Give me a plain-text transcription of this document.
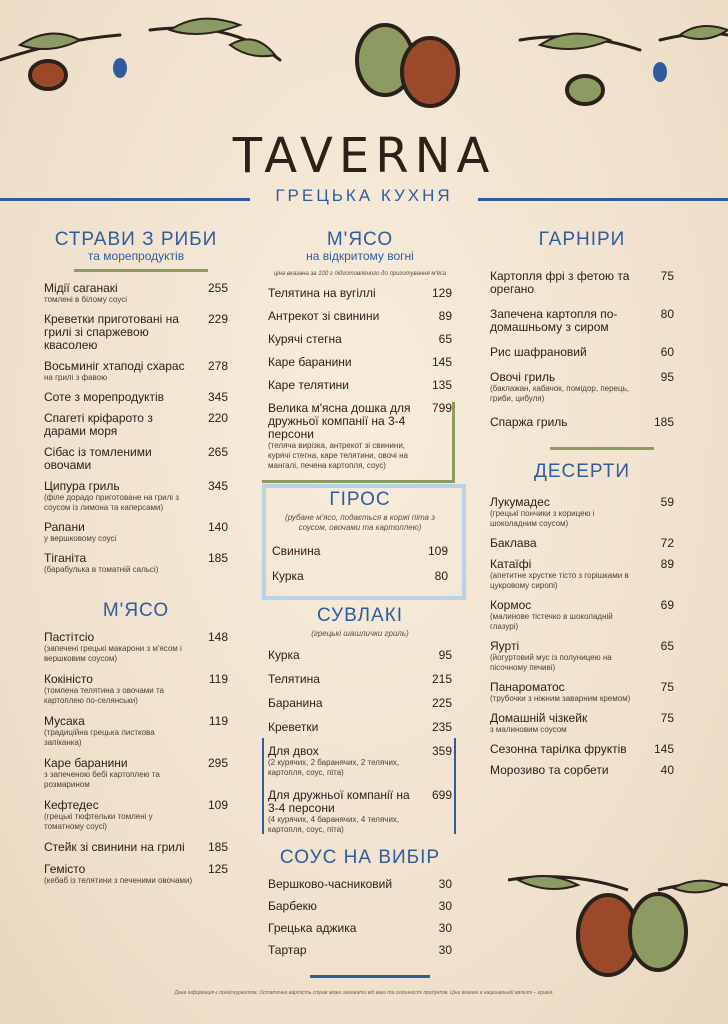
TAVERNA
ГРЕЦЬКА КУХНЯ
СТРАВИ З РИБИ
та морепродуктів
Мідії саганакі
томлені в білому соусі
255
Креветки приготовані на грилі зі спаржевою квасолею
229
Восьминіг хтаподі схарас
на грилі з фавою
278
Соте з морепродуктів	345
Спагеті кріфарото з дарами моря
220
Сібас із томленими овочами
265
Ципура гриль
(філе дорадо приготоване на грилі з соусом із лимона та каперсами)
345
Рапани
у вершковому соусі
140
Тіганіта
(барабулька в томатній сальсі)
185
М'ЯСО
Пастітсіо
(запечені грецькі макарони з м'ясом і вершковим соусом)
148
Кокіністо
(томлена телятина з овочами та картоплею по-селянськи)
119
Мусака
(традиційна грецька листкова запіканка)
119
Каре баранини
з запеченою бебі картоплею та розмарином
295
Кефтедес
(грецькі тюфтельки томлені у томатному соусі)
109
Стейк зі свинини на грилі	185
Гемісто
(кебаб із телятини з печеними овочами)
125
М'ЯСО
на відкритому вогні
ціна вказана за 100 г підготовленого до приготування м'яса
Телятина на вугіллі	129
Антрекот зі свинини	89
Курячі стегна	65
Каре баранини	145
Каре телятини	135
Велика м'ясна дошка для дружньої компанії на 3-4 персони
(теляча вирізка, антрекот зі свинини, курячі стегна, каре телятини, овочі на мангалі, печена картопля, соус)
799
ГІРОС
(рубане м'ясо, подається в коржі піта з соусом, овочами та картоплею)
Свинина	109
Курка	80
СУВЛАКІ
(грецькі шашлички гриль)
Курка	95
Телятина	215
Баранина	225
Креветки	235
Для двох
(2 курячих, 2 баранячих, 2 телячих, картопля, соус, піта)
359
Для дружньої компанії на 3-4 персони
(4 курячих, 4 баранячих, 4 телячих, картопля, соус, піта)
699
СОУС НА ВИБІР
Вершково-часниковий	30
Барбекю	30
Грецька аджика	30
Тартар	30
ГАРНІРИ
Картопля фрі з фетою та орегано
75
Запечена картопля по-домашньому з сиром
80
Рис шафрановий	60
Овочі гриль
(баклажан, кабачок, помідор, перець, гриби, цибуля)
95
Спаржа гриль	185
ДЕСЕРТИ
Лукумадес
(грецькі пончики з корицею і шоколадним соусом)
59
Баклава	72
Катаїфі
(апетитне хрустке тісто з горішками в цукровому сиропі)
89
Кормос
(малинове тістечко в шоколадній глазурі)
69
Яурті
(йогуртовий мус із полуницею на пісочному печиві)
65
Панароматос
(трубочки з ніжним заварним кремом)
75
Домашній чізкейк
з малиновим соусом
75
Сезонна тарілка фруктів	145
Морозиво та сорбети	40
Дана інформація є прейскурантом. Остаточна вартість страв може залежати від ваги та сезонності продуктів. Ціни вказані в національній валюті – гривні.
